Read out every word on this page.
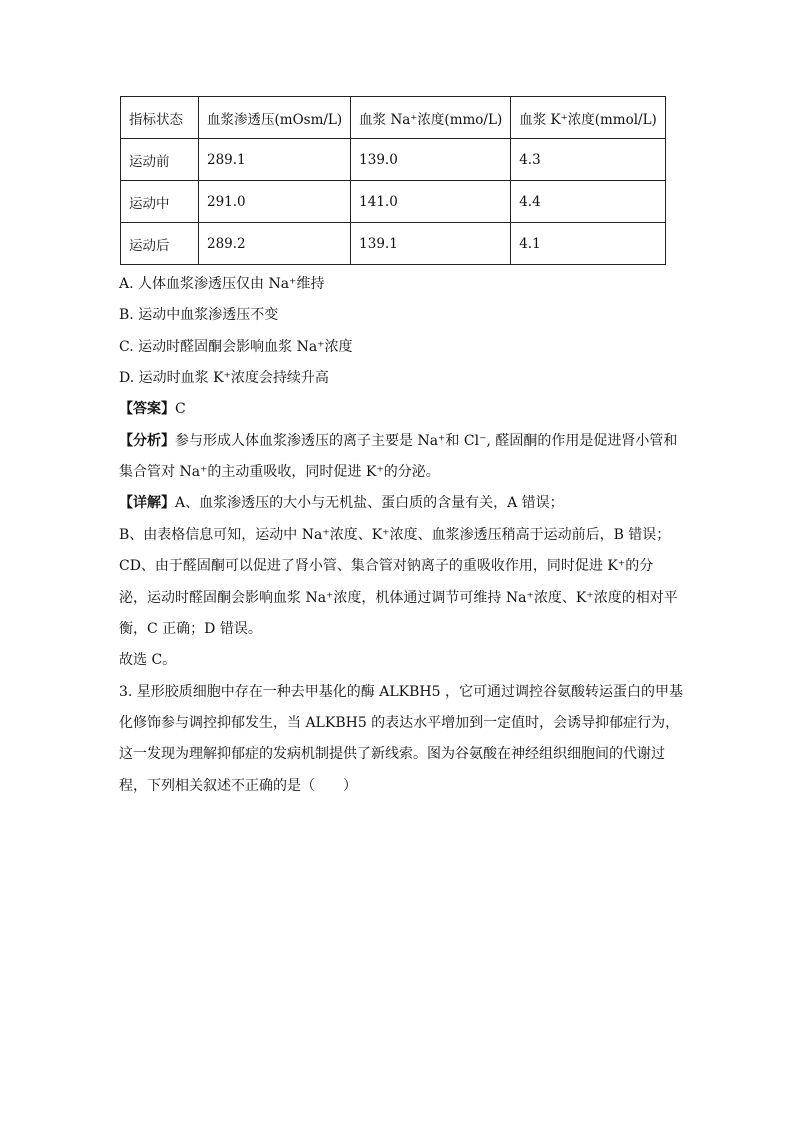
指标状态	血浆渗透压(mOsm/L)	血浆 Na⁺浓度(mmo/L)	血浆 K⁺浓度(mmol/L)
运动前	289.1	139.0	4.3
运动中	291.0	141.0	4.4
运动后	289.2	139.1	4.1
A. 人体血浆渗透压仅由 Na⁺维持
B. 运动中血浆渗透压不变
C. 运动时醛固酮会影响血浆 Na⁺浓度
D. 运动时血浆 K⁺浓度会持续升高
【答案】C
【分析】参与形成人体血浆渗透压的离子主要是 Na⁺和 Cl⁻, 醛固酮的作用是促进肾小管和
集合管对 Na⁺的主动重吸收，同时促进 K⁺的分泌。
【详解】A、血浆渗透压的大小与无机盐、蛋白质的含量有关，A 错误；
B、由表格信息可知，运动中 Na⁺浓度、K⁺浓度、血浆渗透压稍高于运动前后，B 错误；
CD、由于醛固酮可以促进了肾小管、集合管对钠离子的重吸收作用，同时促进 K⁺的分
泌，运动时醛固酮会影响血浆 Na⁺浓度，机体通过调节可维持 Na⁺浓度、K⁺浓度的相对平
衡，C 正确；D 错误。
故选 C。
3. 星形胶质细胞中存在一种去甲基化的酶 ALKBH5 ，它可通过调控谷氨酸转运蛋白的甲基
化修饰参与调控抑郁发生，当 ALKBH5 的表达水平增加到一定值时，会诱导抑郁症行为，
这一发现为理解抑郁症的发病机制提供了新线索。图为谷氨酸在神经组织细胞间的代谢过
程，下列相关叙述不正确的是（　　）
